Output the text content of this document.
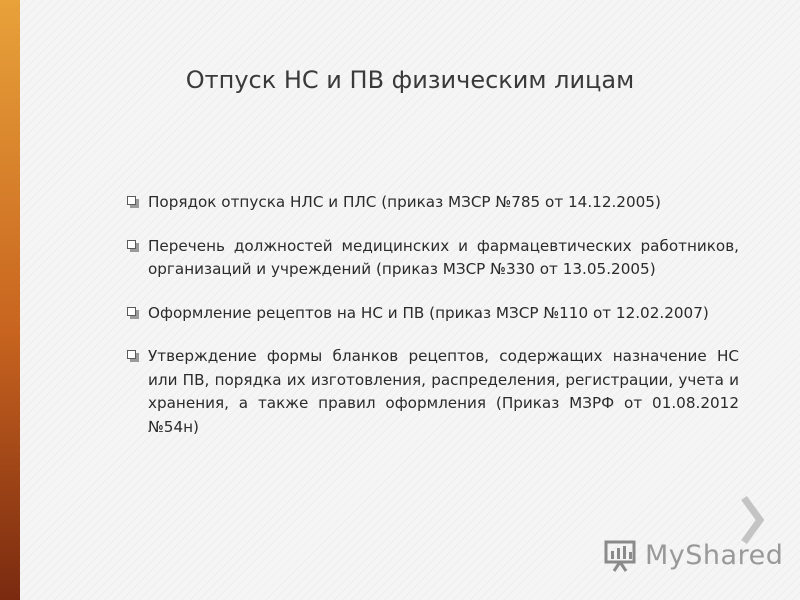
Отпуск НС и ПВ физическим лицам
Порядок отпуска НЛС и ПЛС (приказ МЗСР №785 от 14.12.2005)
Перечень должностей медицинских и фармацевтических работников, организаций и учреждений (приказ МЗСР №330 от 13.05.2005)
Оформление рецептов на НС и ПВ (приказ МЗСР №110 от 12.02.2007)
Утверждение формы бланков рецептов, содержащих назначение НС или ПВ, порядка их изготовления, распределения, регистрации, учета и хранения, а также правил оформления (Приказ МЗРФ от 01.08.2012 №54н)
MyShared
